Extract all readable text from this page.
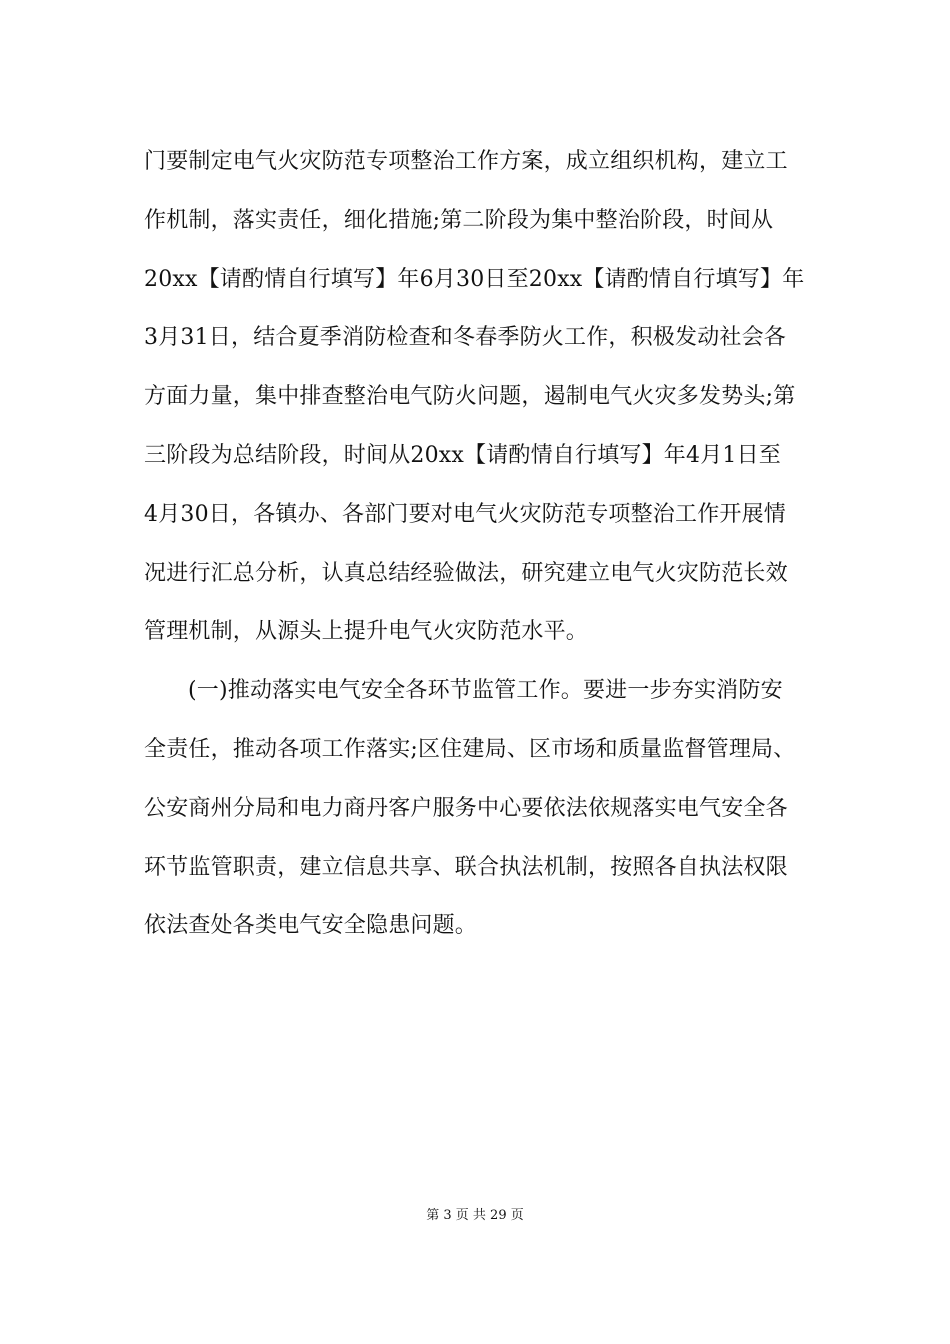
门要制定电气火灾防范专项整治工作方案，成立组织机构，建立工
作机制，落实责任，细化措施;第二阶段为集中整治阶段，时间从
20xx【请酌情自行填写】年6月30日至20xx【请酌情自行填写】年
3月31日，结合夏季消防检查和冬春季防火工作，积极发动社会各
方面力量，集中排查整治电气防火问题，遏制电气火灾多发势头;第
三阶段为总结阶段，时间从20xx【请酌情自行填写】年4月1日至
4月30日，各镇办、各部门要对电气火灾防范专项整治工作开展情
况进行汇总分析，认真总结经验做法，研究建立电气火灾防范长效
管理机制，从源头上提升电气火灾防范水平。
(一)推动落实电气安全各环节监管工作。要进一步夯实消防安
全责任，推动各项工作落实;区住建局、区市场和质量监督管理局、
公安商州分局和电力商丹客户服务中心要依法依规落实电气安全各
环节监管职责，建立信息共享、联合执法机制，按照各自执法权限
依法查处各类电气安全隐患问题。
第 3 页 共 29 页
